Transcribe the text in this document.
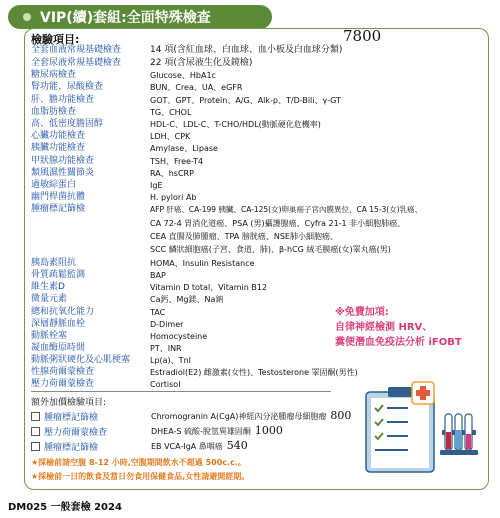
VIP(續)套組:全面特殊檢查
檢驗項目:	7800
全套血液常規基礎檢查	14 項(含紅血球、白血球、血小板及白血球分類)
全套尿液常規基礎檢查	22 項(含尿液生化及鏡檢)
糖尿病檢查	Glucose、HbA1c
腎功能、尿酸檢查	BUN、Crea、UA、eGFR
肝、膽功能檢查	GOT、GPT、Protein、A/G、Alk-p、T/D-Bili、γ-GT
血脂肪檢查	TG、CHOL
高、低密度膽固醇	HDL-C、LDL-C、T-CHO/HDL(動脈硬化危機率)
心臟功能檢查	LDH、CPK
胰臟功能檢查	Amylase、Lipase
甲狀腺功能檢查	TSH、Free-T4
類風濕性關節炎	RA、hsCRP
過敏綜蛋白	IgE
幽門桿菌抗體	H. pylori Ab
腫瘤標記篩檢	AFP 肝癌、CA-199 胰臟、CA-125(女)卵巢癌子宮內膜異位、CA 15-3(女)乳癌、
CA 72-4 胃消化道癌、PSA (男)攝護腺癌、Cyfra 21-1 非小細胞肺癌、
CEA 直腸及肺腫瘤、TPA 膀胱癌、NSE肺小細胞癌、
SCC 鱗狀細胞癌(子宮、食道、肺)、β-hCG 絨毛膜癌(女)睪丸癌(男)
胰島素阻抗	HOMA、Insulin Resistance
骨質疏鬆監測	BAP
維生素D	Vitamin D total、Vitamin B12
微量元素	Ca鈣、Mg鎂、Na鈉
總和抗氧化能力	TAC
深層靜脈血栓	D-Dimer
動脈栓塞	Homocysteine
凝血酶原時間	PT、INR
動脈粥狀硬化及心肌梗塞 Lp(a)、TnI
性腺荷爾蒙檢查	Estradiol(E2) 雌激素(女性)、Testosterone 睪固酮(男性)
壓力荷爾蒙檢查	Cortisol
※免費加項:
自律神經檢測 HRV、
糞便潛血免疫法分析 iFOBT
額外加價檢驗項目:
腫瘤標記篩檢	Chromogranin A(CgA)神經內分泌腫瘤母細胞瘤 800
壓力荷爾蒙檢查	DHEA-S 硫酸-脫氫異雄固酮 1000
腫瘤標記篩檢	EB VCA-IgA 鼻咽癌 540
★採檢前請空腹 8-12 小時,空腹期間飲水不超過 500c.c.。
★採檢前一日的飲食及當日勿食用保健食品,女性請避開經期。
DM025 一般套檢 2024
